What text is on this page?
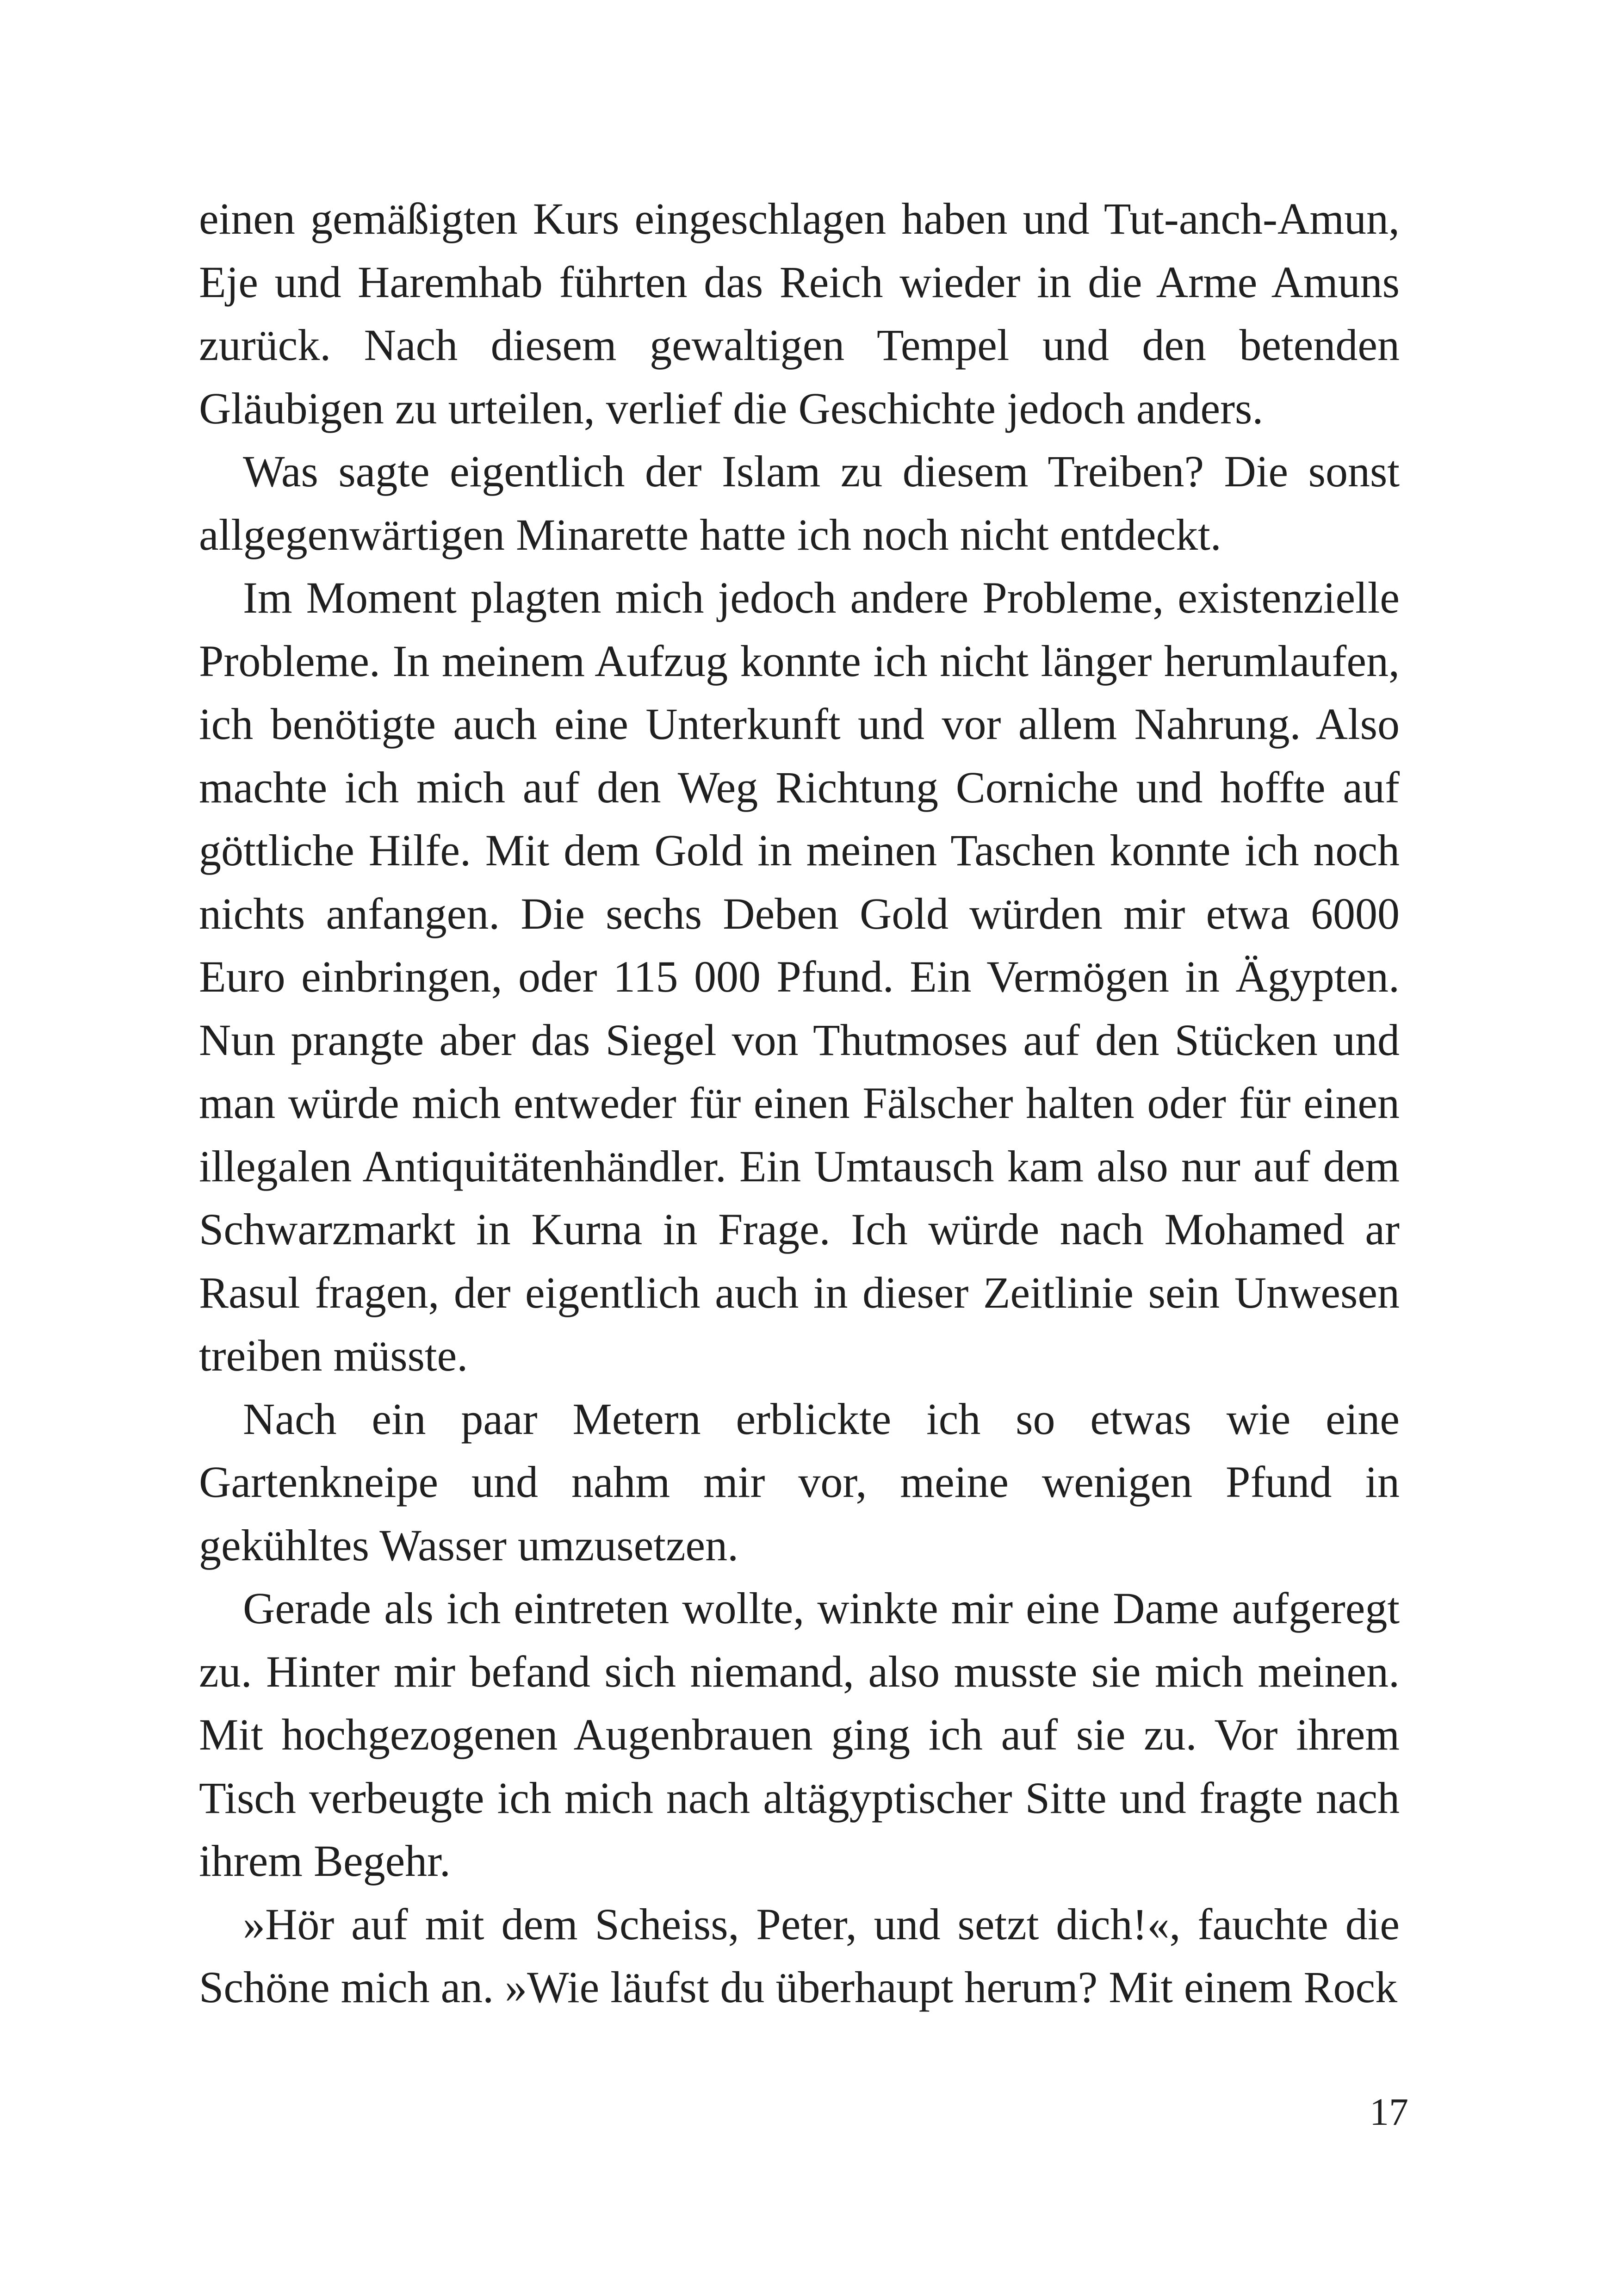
einen gemäßigten Kurs eingeschlagen haben und Tut-anch-Amun, Eje und Haremhab führten das Reich wieder in die Arme Amuns zurück. Nach diesem gewaltigen Tempel und den betenden Gläubigen zu urteilen, verlief die Geschichte jedoch anders.

Was sagte eigentlich der Islam zu diesem Treiben? Die sonst allgegenwärtigen Minarette hatte ich noch nicht entdeckt.

Im Moment plagten mich jedoch andere Probleme, existenzielle Probleme. In meinem Aufzug konnte ich nicht länger herumlaufen, ich benötigte auch eine Unterkunft und vor allem Nahrung. Also machte ich mich auf den Weg Richtung Corniche und hoffte auf göttliche Hilfe. Mit dem Gold in meinen Taschen konnte ich noch nichts anfangen. Die sechs Deben Gold würden mir etwa 6000 Euro einbringen, oder 115 000 Pfund. Ein Vermögen in Ägypten. Nun prangte aber das Siegel von Thutmoses auf den Stücken und man würde mich entweder für einen Fälscher halten oder für einen illegalen Antiquitätenhändler. Ein Umtausch kam also nur auf dem Schwarzmarkt in Kurna in Frage. Ich würde nach Mohamed ar Rasul fragen, der eigentlich auch in dieser Zeitlinie sein Unwesen treiben müsste.

Nach ein paar Metern erblickte ich so etwas wie eine Gartenkneipe und nahm mir vor, meine wenigen Pfund in gekühltes Wasser umzusetzen.

Gerade als ich eintreten wollte, winkte mir eine Dame aufgeregt zu. Hinter mir befand sich niemand, also musste sie mich meinen. Mit hochgezogenen Augenbrauen ging ich auf sie zu. Vor ihrem Tisch verbeugte ich mich nach altägyptischer Sitte und fragte nach ihrem Begehr.

»Hör auf mit dem Scheiss, Peter, und setzt dich!«, fauchte die Schöne mich an. »Wie läufst du überhaupt herum? Mit einem Rock

17
